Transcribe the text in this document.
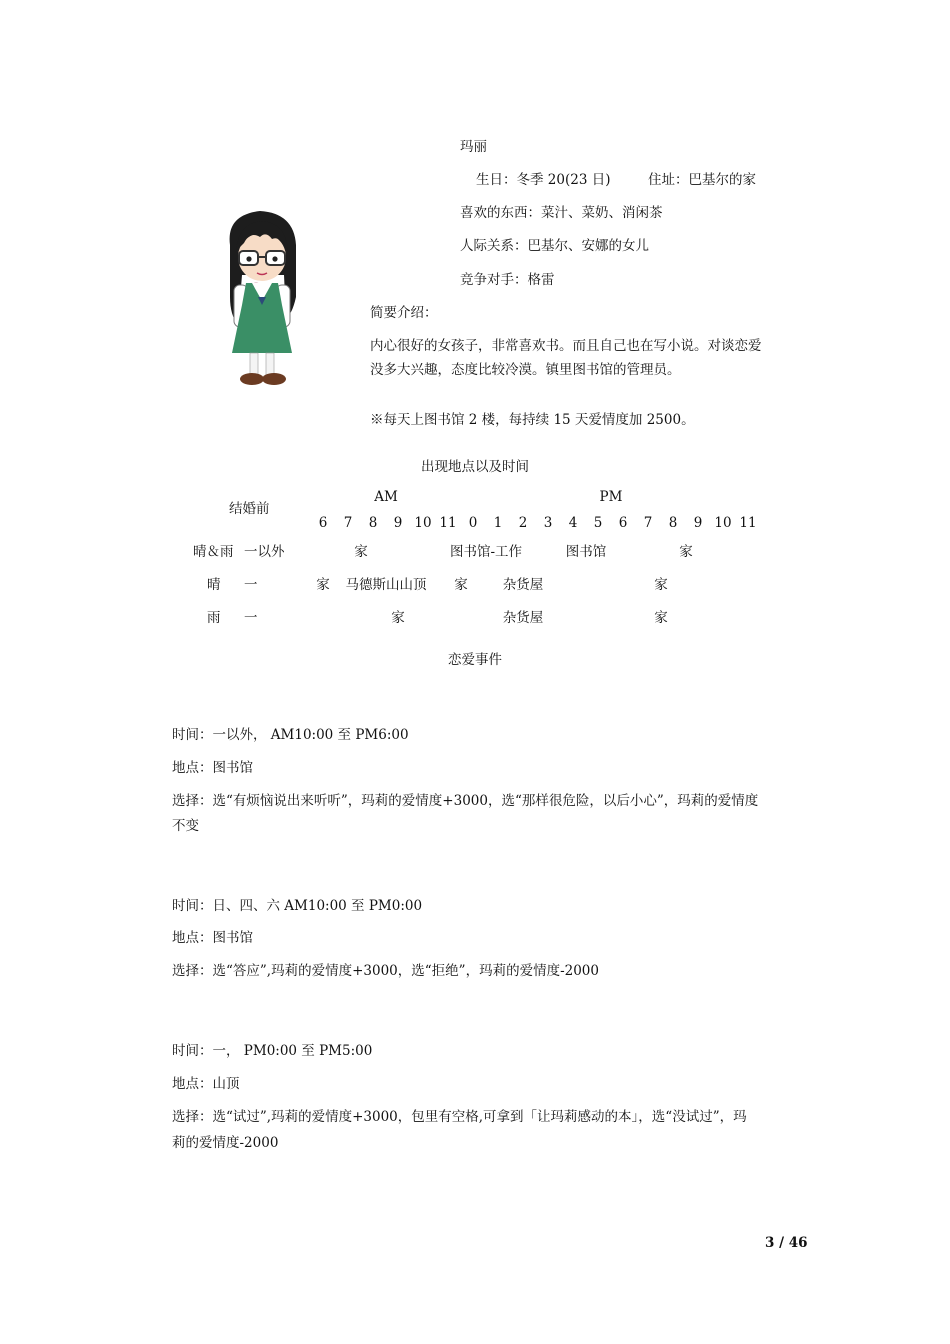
玛丽
生日：冬季 20(23 日)	住址：巴基尔的家
喜欢的东西：菜汁、菜奶、消闲茶
人际关系：巴基尔、安娜的女儿
竞争对手：格雷
简要介绍：
内心很好的女孩子，非常喜欢书。而且自己也在写小说。对谈恋爱
没多大兴趣，态度比较冷漠。镇里图书馆的管理员。
※每天上图书馆 2 楼，每持续 15 天爱情度加 2500。
出现地点以及时间
AM	PM
结婚前
6 7 8 9 10 11 0 1 2 3 4 5 6 7 8 9 10 11
晴＆雨 一以外	家	图书馆-工作	图书馆	家
晴 一	家 马德斯山山顶 家	杂货屋	家
雨 一	家	杂货屋	家
恋爱事件
时间：一以外， AM10:00 至 PM6:00
地点：图书馆
选择：选“有烦恼说出来听听”，玛莉的爱情度+3000，选“那样很危险，以后小心”，玛莉的爱情度
不变
时间：日、四、六 AM10:00 至 PM0:00
地点：图书馆
选择：选“答应”,玛莉的爱情度+3000，选“拒绝”，玛莉的爱情度-2000
时间：一， PM0:00 至 PM5:00
地点：山顶
选择：选“试过”,玛莉的爱情度+3000，包里有空格,可拿到「让玛莉感动的本」，选“没试过”，玛
莉的爱情度-2000
3 / 46
